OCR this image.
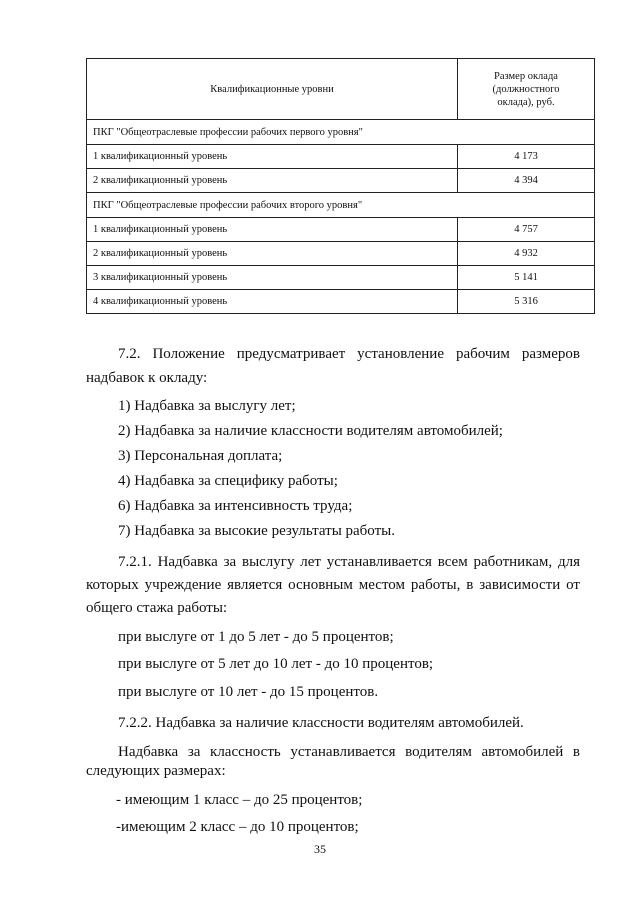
Квалификационные уровни	Размер оклада
(должностного
оклада), руб.

ПКГ "Общеотраслевые профессии рабочих первого уровня"	
1 квалификационный уровень	4 173
2 квалификационный уровень	4 394
ПКГ "Общеотраслевые профессии рабочих второго уровня"	
1 квалификационный уровень	4 757
2 квалификационный уровень	4 932
3 квалификационный уровень	5 141
4 квалификационный уровень	5 316

7.2. Положение предусматривает установление рабочим размеров

надбавок к окладу:

1) Надбавка за выслугу лет;

2) Надбавка за наличие классности водителям автомобилей;

3) Персональная доплата;

4) Надбавка за специфику работы;

6) Надбавка за интенсивность труда;

7) Надбавка за высокие результаты работы.

7.2.1. Надбавка за выслугу лет устанавливается всем работникам, для

которых учреждение является основным местом работы, в зависимости от

общего стажа работы:

при выслуге от 1 до 5 лет - до 5 процентов;

при выслуге от 5 лет до 10 лет - до 10 процентов;

при выслуге от 10 лет - до 15 процентов.

7.2.2. Надбавка за наличие классности водителям автомобилей.

Надбавка за классность устанавливается водителям автомобилей в

следующих размерах:

- имеющим 1 класс – до 25 процентов;

-имеющим 2 класс – до 10 процентов;

35
